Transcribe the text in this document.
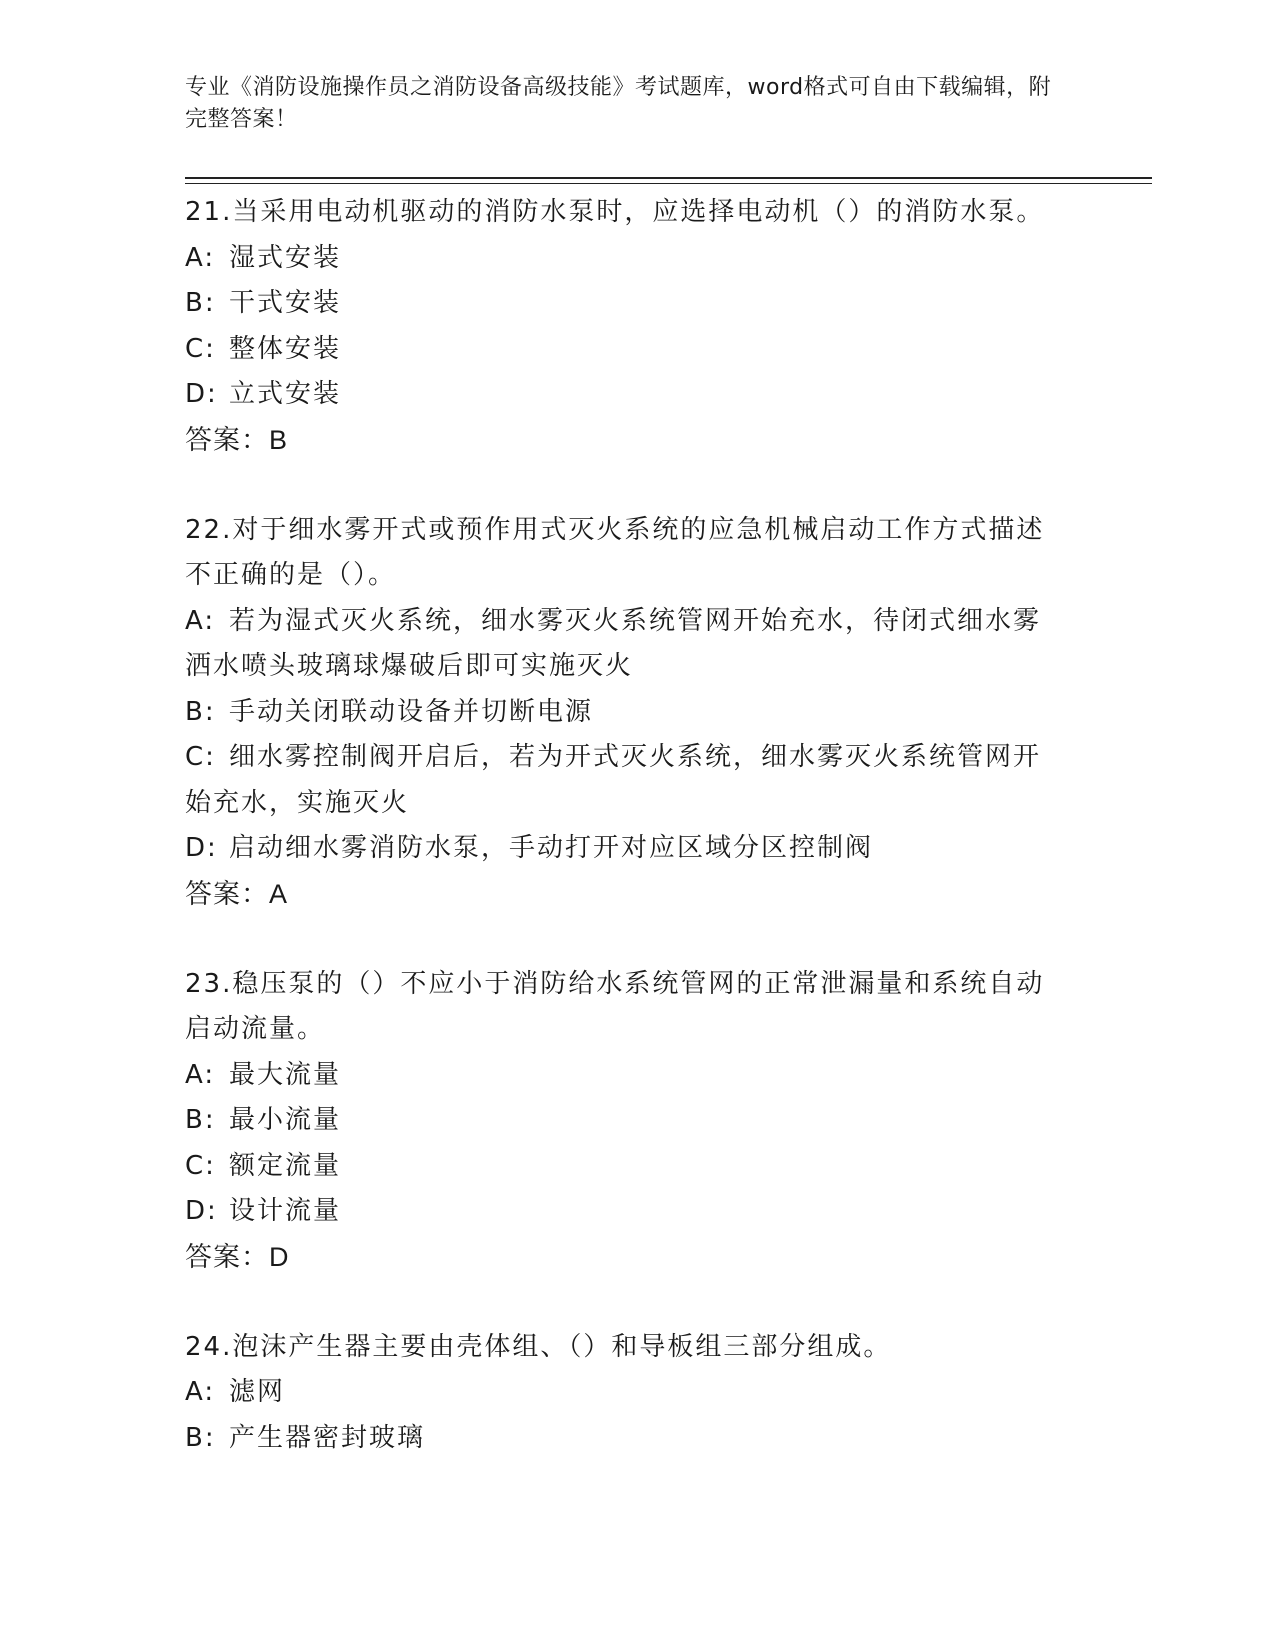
专业《消防设施操作员之消防设备高级技能》考试题库，word格式可自由下载编辑，附完整答案！

21.当采用电动机驱动的消防水泵时，应选择电动机（）的消防水泵。

A: 湿式安装

B: 干式安装

C: 整体安装

D: 立式安装

答案：B

22.对于细水雾开式或预作用式灭火系统的应急机械启动工作方式描述不正确的是（）。

A: 若为湿式灭火系统，细水雾灭火系统管网开始充水，待闭式细水雾洒水喷头玻璃球爆破后即可实施灭火

B: 手动关闭联动设备并切断电源

C: 细水雾控制阀开启后，若为开式灭火系统，细水雾灭火系统管网开始充水，实施灭火

D: 启动细水雾消防水泵，手动打开对应区域分区控制阀

答案：A

23.稳压泵的（）不应小于消防给水系统管网的正常泄漏量和系统自动启动流量。

A: 最大流量

B: 最小流量

C: 额定流量

D: 设计流量

答案：D

24.泡沫产生器主要由壳体组、（）和导板组三部分组成。

A: 滤网

B: 产生器密封玻璃
